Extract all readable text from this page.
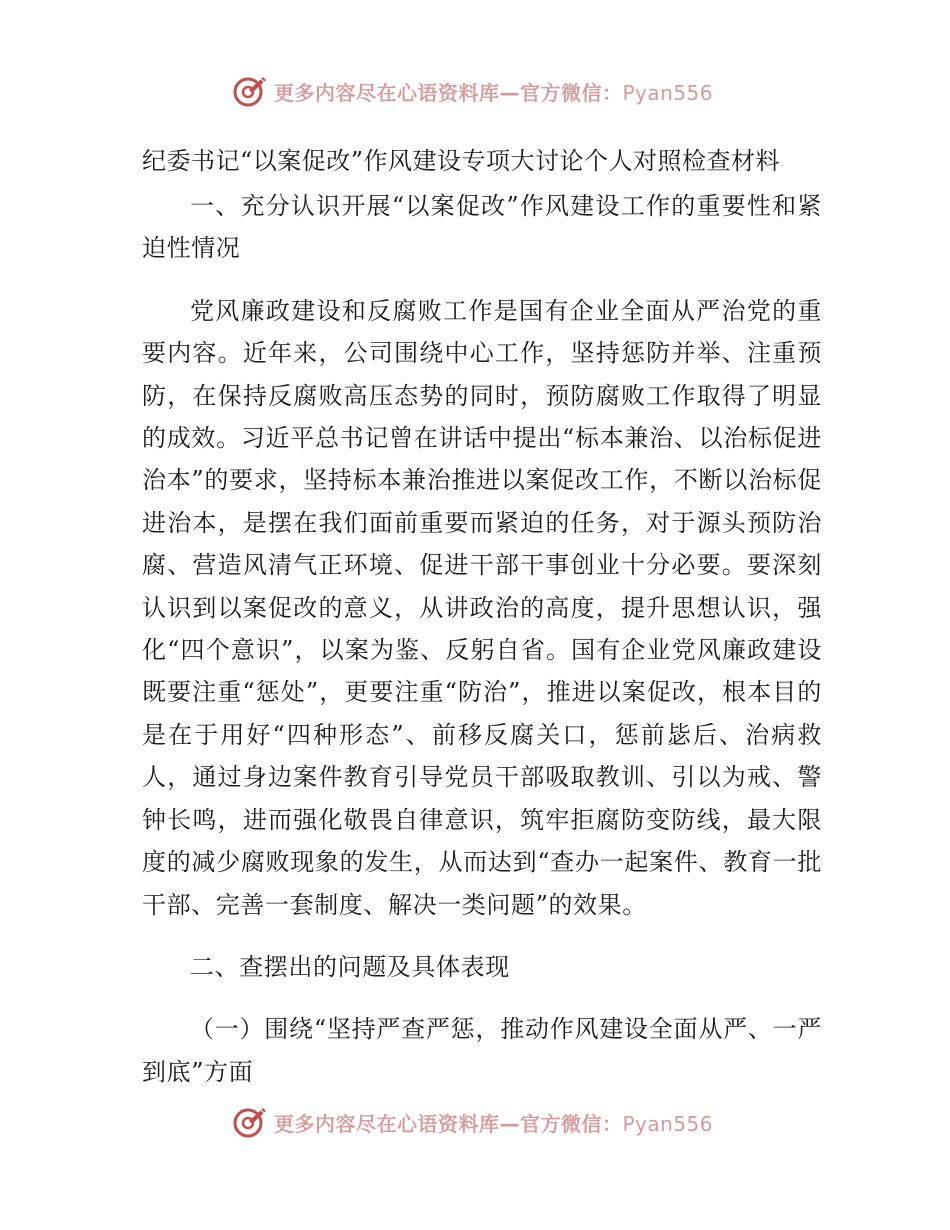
更多内容尽在心语资料库—官方微信：Pyan556

纪委书记“以案促改”作风建设专项大讨论个人对照检查材料

一、充分认识开展“以案促改”作风建设工作的重要性和紧迫性情况

党风廉政建设和反腐败工作是国有企业全面从严治党的重要内容。近年来，公司围绕中心工作，坚持惩防并举、注重预防，在保持反腐败高压态势的同时，预防腐败工作取得了明显的成效。习近平总书记曾在讲话中提出“标本兼治、以治标促进治本”的要求，坚持标本兼治推进以案促改工作，不断以治标促进治本，是摆在我们面前重要而紧迫的任务，对于源头预防治腐、营造风清气正环境、促进干部干事创业十分必要。要深刻认识到以案促改的意义，从讲政治的高度，提升思想认识，强化“四个意识”，以案为鉴、反躬自省。国有企业党风廉政建设既要注重“惩处”，更要注重“防治”，推进以案促改，根本目的是在于用好“四种形态”、前移反腐关口，惩前毖后、治病救人，通过身边案件教育引导党员干部吸取教训、引以为戒、警钟长鸣，进而强化敬畏自律意识，筑牢拒腐防变防线，最大限度的减少腐败现象的发生，从而达到“查办一起案件、教育一批干部、完善一套制度、解决一类问题”的效果。

二、查摆出的问题及具体表现

（一）围绕“坚持严查严惩，推动作风建设全面从严、一严到底”方面

更多内容尽在心语资料库—官方微信：Pyan556
